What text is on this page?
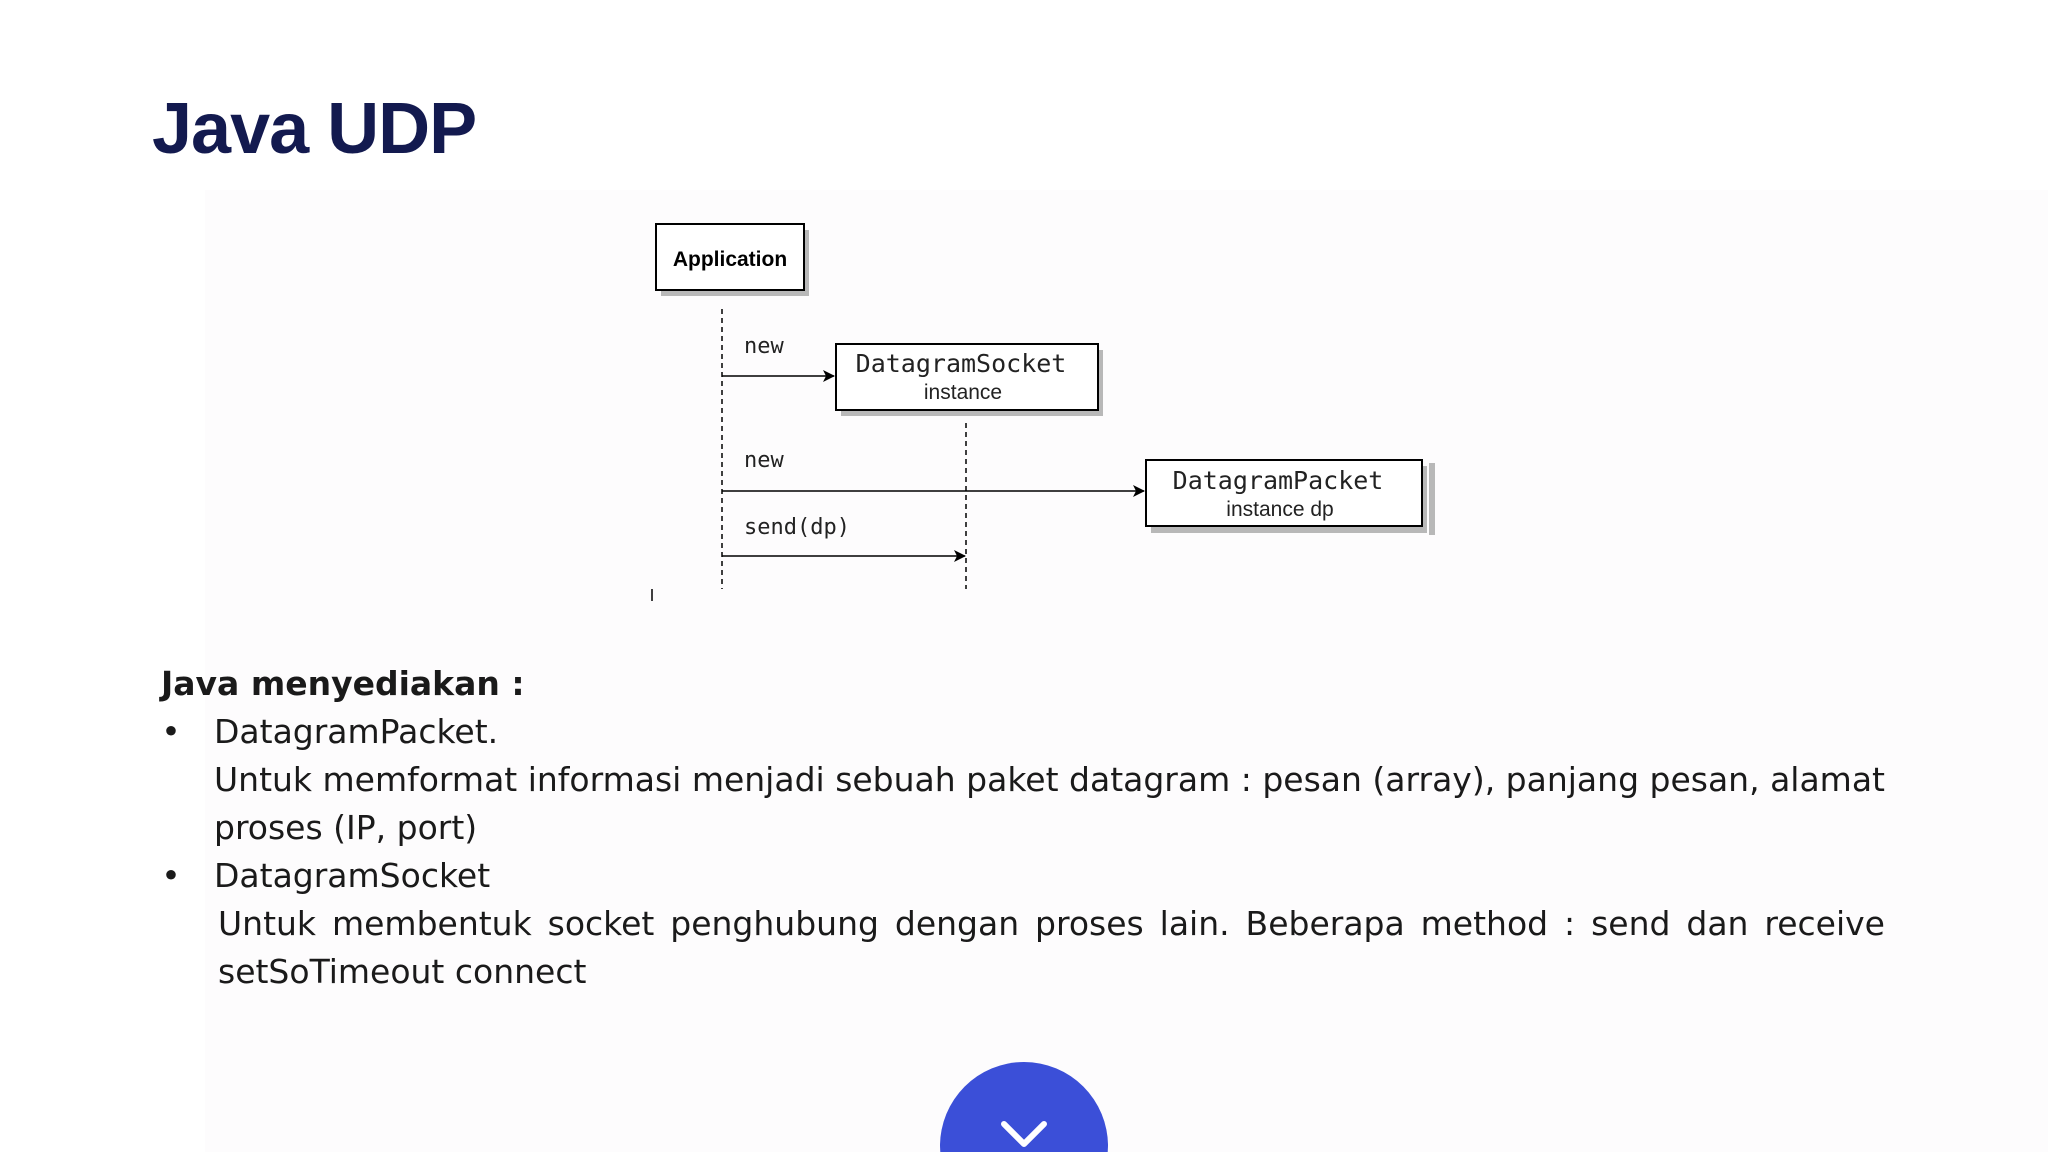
Java UDP
Application
DatagramSocket
instance
DatagramPacket
instance dp
new
new
send(dp)

Java menyediakan :

• DatagramPacket.
Untuk memformat informasi menjadi sebuah paket datagram : pesan (array), panjang pesan, alamat proses (IP, port)
• DatagramSocket
Untuk membentuk socket penghubung dengan proses lain. Beberapa method : send dan receive setSoTimeout connect
